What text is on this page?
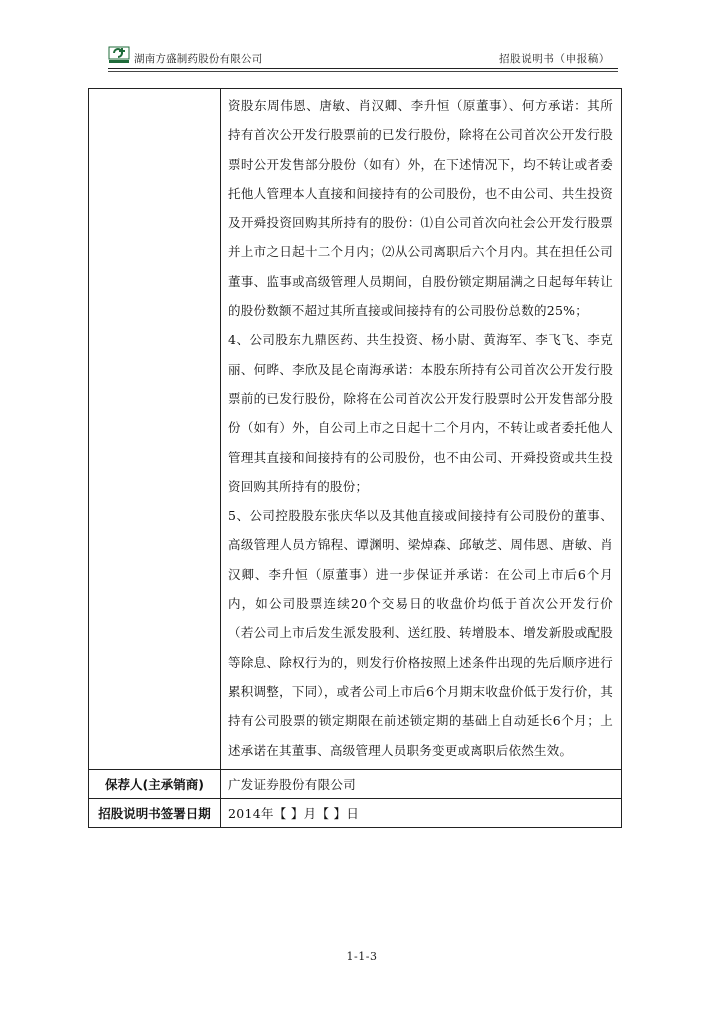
湖南方盛制药股份有限公司	招股说明书（申报稿）

	资股东周伟恩、唐敏、肖汉卿、李升恒（原董事）、何方承诺：其所持有首次公开发行股票前的已发行股份，除将在公司首次公开发行股票时公开发售部分股份（如有）外，在下述情况下，均不转让或者委托他人管理本人直接和间接持有的公司股份，也不由公司、共生投资及开舜投资回购其所持有的股份：⑴自公司首次向社会公开发行股票并上市之日起十二个月内；⑵从公司离职后六个月内。其在担任公司董事、监事或高级管理人员期间，自股份锁定期届满之日起每年转让的股份数额不超过其所直接或间接持有的公司股份总数的25%；

4、公司股东九鼎医药、共生投资、杨小尉、黄海军、李飞飞、李克丽、何晔、李欣及昆仑南海承诺：本股东所持有公司首次公开发行股票前的已发行股份，除将在公司首次公开发行股票时公开发售部分股份（如有）外，自公司上市之日起十二个月内，不转让或者委托他人管理其直接和间接持有的公司股份，也不由公司、开舜投资或共生投资回购其所持有的股份；

5、公司控股股东张庆华以及其他直接或间接持有公司股份的董事、高级管理人员方锦程、谭渊明、梁焯森、邱敏芝、周伟恩、唐敏、肖汉卿、李升恒（原董事）进一步保证并承诺：在公司上市后6个月内，如公司股票连续20个交易日的收盘价均低于首次公开发行价（若公司上市后发生派发股利、送红股、转增股本、增发新股或配股等除息、除权行为的，则发行价格按照上述条件出现的先后顺序进行累积调整，下同），或者公司上市后6个月期末收盘价低于发行价，其持有公司股票的锁定期限在前述锁定期的基础上自动延长6个月；上述承诺在其董事、高级管理人员职务变更或离职后依然生效。

保荐人(主承销商)	广发证券股份有限公司
招股说明书签署日期	2014年【 】月【 】日
1-1-3
